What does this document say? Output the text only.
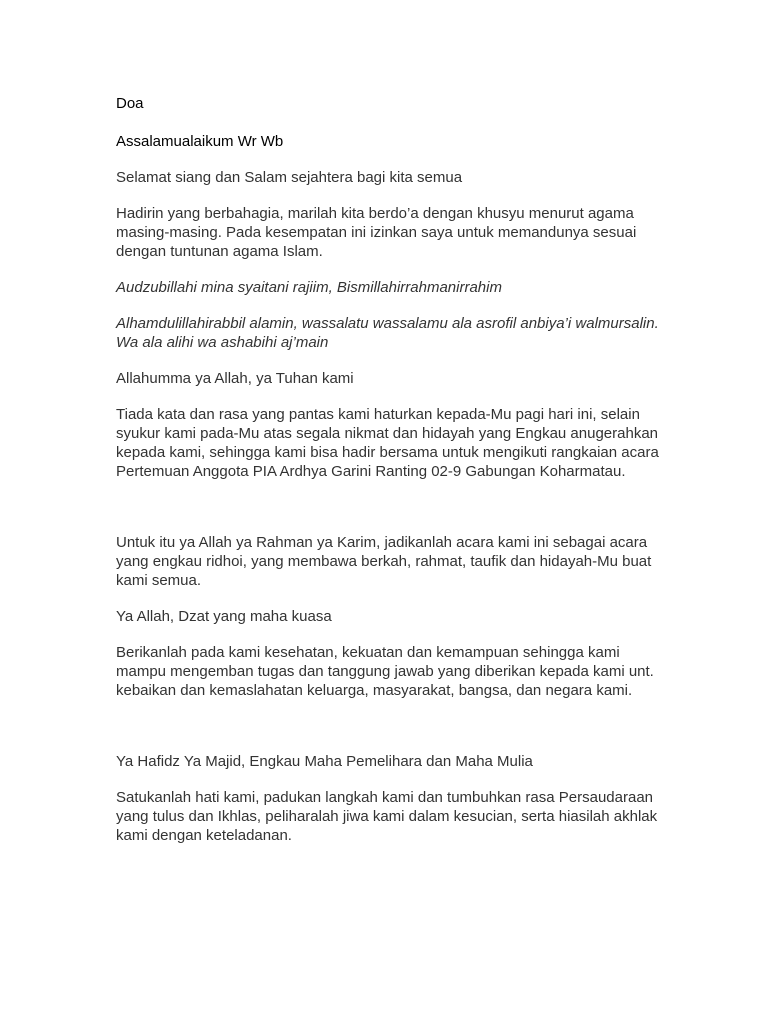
Doa

Assalamualaikum Wr Wb

Selamat siang dan Salam sejahtera bagi kita semua

Hadirin yang berbahagia, marilah kita berdo’a dengan khusyu menurut agama masing-masing. Pada kesempatan ini izinkan saya untuk memandunya sesuai dengan tuntunan agama Islam.

Audzubillahi mina syaitani rajiim, Bismillahirrahmanirrahim

Alhamdulillahirabbil alamin, wassalatu wassalamu ala asrofil anbiya’i walmursalin. Wa ala alihi wa ashabihi aj’main

Allahumma ya Allah, ya Tuhan kami

Tiada kata dan rasa yang pantas kami haturkan kepada-Mu pagi hari ini, selain syukur kami pada-Mu atas segala nikmat dan hidayah yang Engkau anugerahkan kepada kami, sehingga kami bisa hadir bersama untuk mengikuti rangkaian acara Pertemuan Anggota PIA Ardhya Garini Ranting 02-9 Gabungan Koharmatau.

Untuk itu ya Allah ya Rahman ya Karim, jadikanlah acara kami ini sebagai acara yang engkau ridhoi, yang membawa berkah, rahmat, taufik dan hidayah-Mu buat kami semua.

Ya Allah, Dzat yang maha kuasa

Berikanlah pada kami kesehatan, kekuatan dan kemampuan sehingga kami mampu mengemban tugas dan tanggung jawab yang diberikan kepada kami unt. kebaikan dan kemaslahatan keluarga, masyarakat, bangsa, dan negara kami.

Ya Hafidz Ya Majid, Engkau Maha Pemelihara dan Maha Mulia

Satukanlah hati kami, padukan langkah kami dan tumbuhkan rasa Persaudaraan yang tulus dan Ikhlas, peliharalah jiwa kami dalam kesucian, serta hiasilah akhlak kami dengan keteladanan.
